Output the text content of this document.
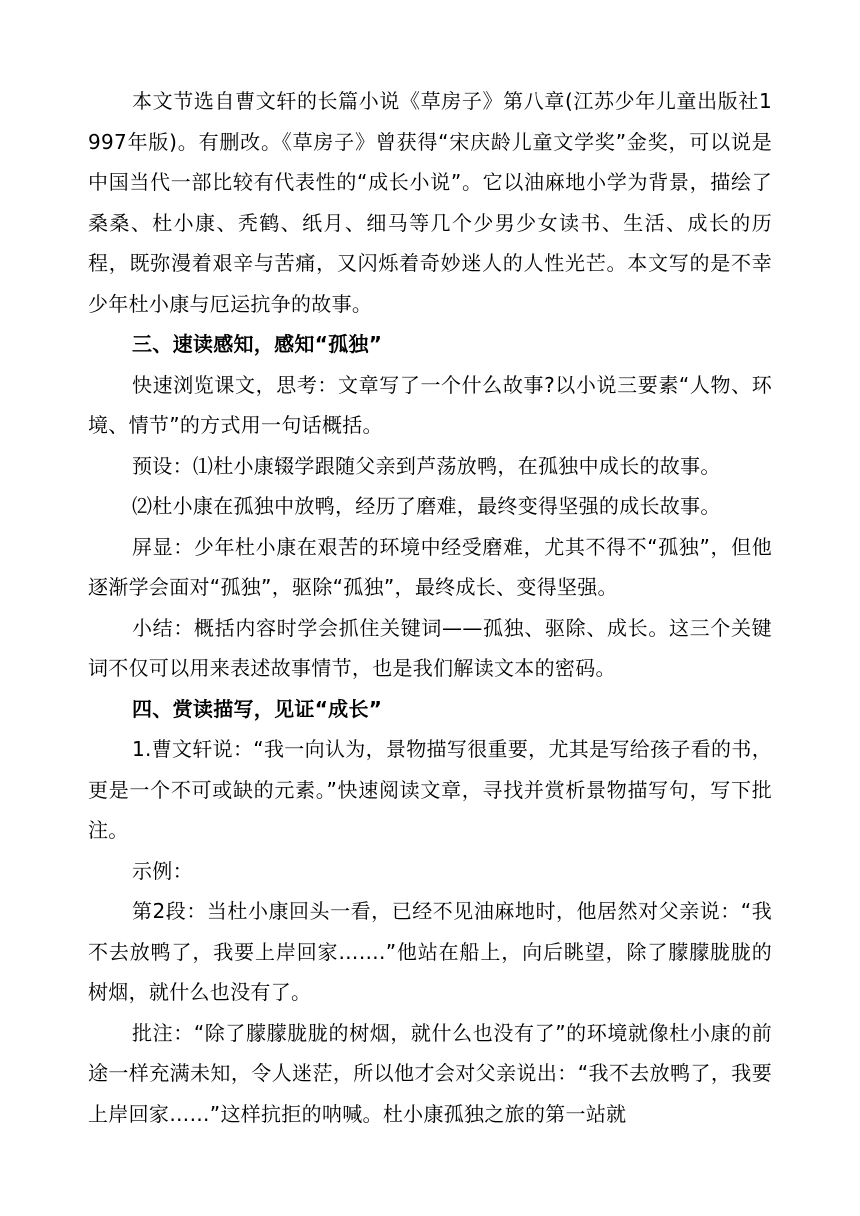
本文节选自曹文轩的长篇小说《草房子》第八章(江苏少年儿童出版社1997年版)。有删改。《草房子》曾获得“宋庆龄儿童文学奖”金奖，可以说是中国当代一部比较有代表性的“成长小说”。它以油麻地小学为背景，描绘了桑桑、杜小康、秃鹤、纸月、细马等几个少男少女读书、生活、成长的历程，既弥漫着艰辛与苦痛，又闪烁着奇妙迷人的人性光芒。本文写的是不幸少年杜小康与厄运抗争的故事。

三、速读感知，感知“孤独”

快速浏览课文，思考：文章写了一个什么故事?以小说三要素“人物、环境、情节”的方式用一句话概括。

预设：⑴杜小康辍学跟随父亲到芦荡放鸭，在孤独中成长的故事。

⑵杜小康在孤独中放鸭，经历了磨难，最终变得坚强的成长故事。

屏显：少年杜小康在艰苦的环境中经受磨难，尤其不得不“孤独”，但他逐渐学会面对“孤独”，驱除“孤独”，最终成长、变得坚强。

小结：概括内容时学会抓住关键词——孤独、驱除、成长。这三个关键词不仅可以用来表述故事情节，也是我们解读文本的密码。

四、赏读描写，见证“成长”

1.曹文轩说：“我一向认为，景物描写很重要，尤其是写给孩子看的书，更是一个不可或缺的元素。”快速阅读文章，寻找并赏析景物描写句，写下批注。

示例：

第2段：当杜小康回头一看，已经不见油麻地时，他居然对父亲说：“我不去放鸭了，我要上岸回家…….”他站在船上，向后眺望，除了朦朦胧胧的树烟，就什么也没有了。

批注：“除了朦朦胧胧的树烟，就什么也没有了”的环境就像杜小康的前途一样充满未知，令人迷茫，所以他才会对父亲说出：“我不去放鸭了，我要上岸回家……”这样抗拒的呐喊。杜小康孤独之旅的第一站就
